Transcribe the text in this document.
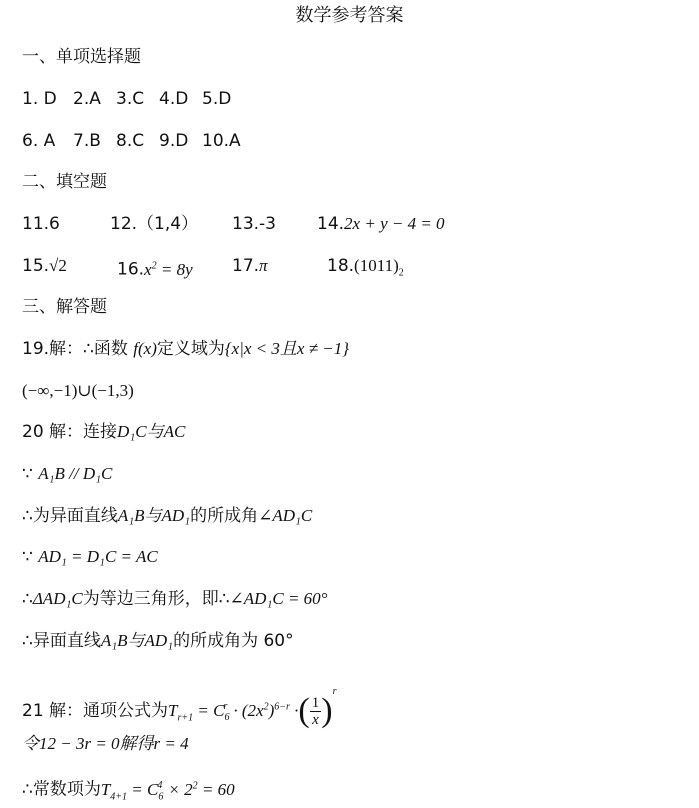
数学参考答案
一、单项选择题
1. D 2.A 3.C 4.D 5.D
6. A 7.B 8.C 9.D 10.A
二、填空题
11.6	12.（1,4） 13.-3 14.2x + y − 4 = 0
15.√2	$16.x^2 = 8y$ 17.π	$18.(1011)_2$
三、解答题
19.解：∴函数 f(x)定义域为{x|x < 3且x ≠ −1}
(−∞,−1)∪(−1,3)
20 解：连接D₁C与AC
∵ A₁B // D₁C
∴为异面直线A₁B与AD₁的所成角∠AD₁C
∵ AD₁ = D₁C = AC
∴ΔAD₁C为等边三角形，即∴∠AD₁C = 60°
∴异面直线A₁B与AD₁的所成角为 60°
21 解：通项公式为$T_{r+1} = C_6^r \cdot (2x^2)^{6-r}$ ·( $\frac{1}{x} )^r$
令12 − 3r = 0解得r = 4
∴常数项为$T_{4+1} = C_6^4 \times 2^2 = 60$
